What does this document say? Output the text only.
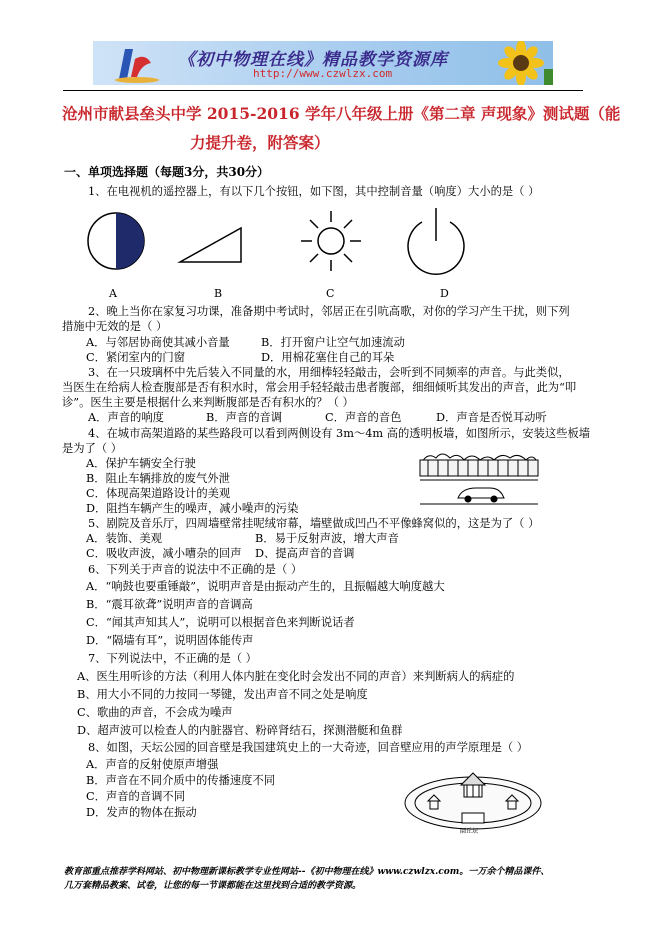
《初中物理在线》精品教学资源库
http://www.czwlzx.com
沧州市献县垒头中学 2015-2016 学年八年级上册《第二章 声现象》测试题（能
力提升卷，附答案）
一、单项选择题（每题3分，共30分）
1、在电视机的遥控器上，有以下几个按钮，如下图，其中控制音量（响度）大小的是（ ）
A	B	C	D
2、晚上当你在家复习功课，准备期中考试时，邻居正在引吭高歌，对你的学习产生干扰，则下列
措施中无效的是（ ）
A．与邻居协商使其减小音量	B．打开窗户让空气加速流动
C．紧闭室内的门窗	D．用棉花塞住自己的耳朵
3、在一只玻璃杯中先后装入不同量的水，用细棒轻轻敲击，会听到不同频率的声音。与此类似，
当医生在给病人检查腹部是否有积水时，常会用手轻轻敲击患者腹部，细细倾听其发出的声音，此为“叩
诊”。医生主要是根据什么来判断腹部是否有积水的？（ ）
A．声音的响度	B．声音的音调	C．声音的音色	D．声音是否悦耳动听
4、在城市高架道路的某些路段可以看到两侧设有 3m～4m 高的透明板墙，如图所示，安装这些板墙
是为了（ ）
A．保护车辆安全行驶
B．阻止车辆排放的废气外泄
C．体现高架道路设计的美观
D．阻挡车辆产生的噪声，减小噪声的污染
5、剧院及音乐厅，四周墙壁常挂呢绒帘幕，墙壁做成凹凸不平像蜂窝似的，这是为了（ ）
A．装饰、美观	B．易于反射声波，增大声音
C．吸收声波，减小嘈杂的回声 D、提高声音的音调
6、下列关于声音的说法中不正确的是（ ）
A．“响鼓也要重锤敲”，说明声音是由振动产生的，且振幅越大响度越大
B．“震耳欲聋”说明声音的音调高
C．“闻其声知其人”，说明可以根据音色来判断说话者
D．“隔墙有耳”，说明固体能传声
7、下列说法中，不正确的是（ ）
A、医生用听诊的方法（利用人体内脏在变化时会发出不同的声音）来判断病人的病症的
B、用大小不同的力按同一琴键，发出声音不同之处是响度
C、歌曲的声音，不会成为噪声
D、超声波可以检查人的内脏器官、粉碎肾结石，探测潜艇和鱼群
8、如图，天坛公园的回音壁是我国建筑史上的一大奇迹，回音壁应用的声学原理是（ ）
A．声音的反射使原声增强
B．声音在不同介质中的传播速度不同
C．声音的音调不同
D．发声的物体在振动
圜丘坛
教育部重点推荐学科网站、初中物理新课标教学专业性网站--《初中物理在线》www.czwlzx.com。一万余个精品课件、
几万套精品教案、试卷，让您的每一节课都能在这里找到合适的教学资源。
